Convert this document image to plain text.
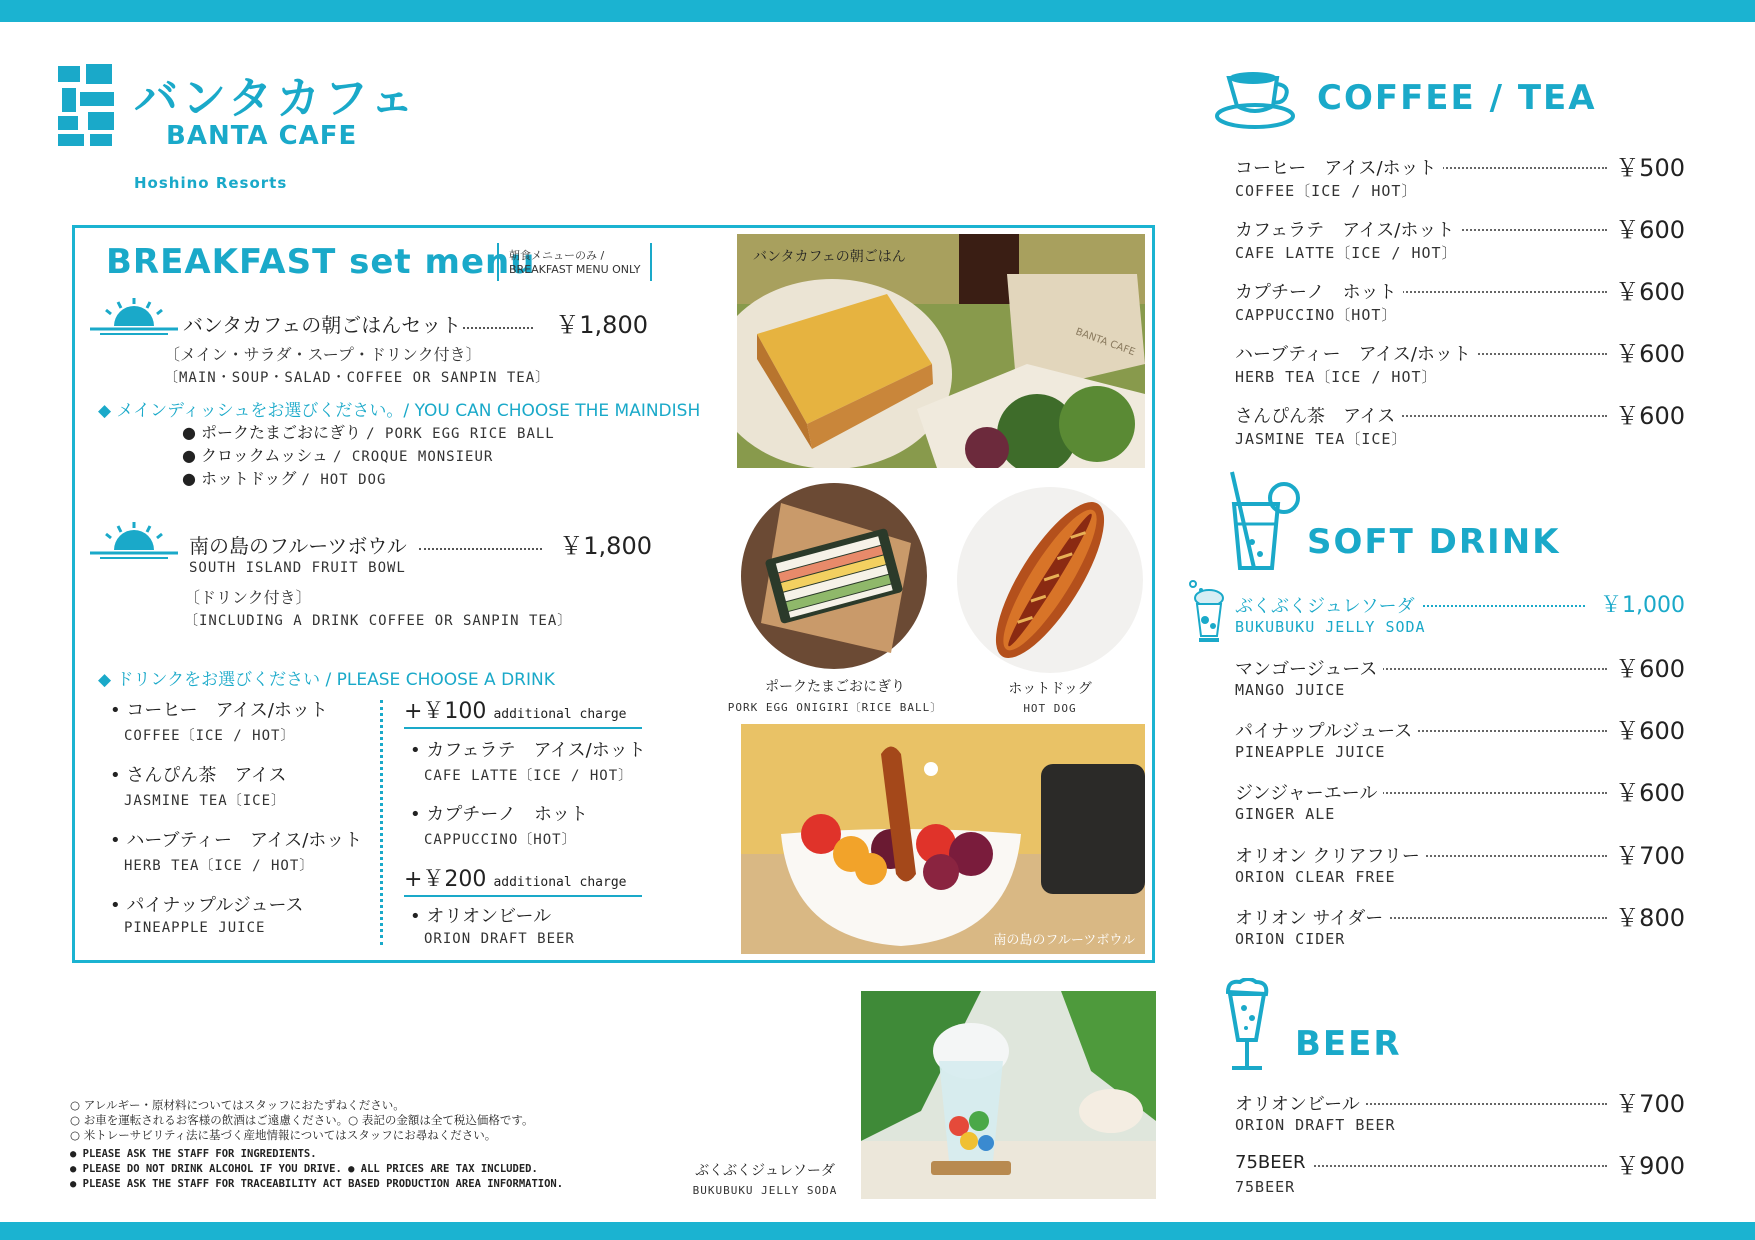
バンタカフェ
BANTA CAFE
Hoshino Resorts
BREAKFAST set menu
朝食メニューのみ /
BREAKFAST MENU ONLY
バンタカフェの朝ごはんセット	￥1,800
〔メイン・サラダ・スープ・ドリンク付き〕
〔MAIN・SOUP・SALAD・COFFEE OR SANPIN TEA〕
◆ メインディッシュをお選びください。/ YOU CAN CHOOSE THE MAINDISH
● ポークたまごおにぎり / PORK EGG RICE BALL
● クロックムッシュ / CROQUE MONSIEUR
● ホットドッグ / HOT DOG
南の島のフルーツボウル	￥1,800
SOUTH ISLAND FRUIT BOWL
〔ドリンク付き〕
〔INCLUDING A DRINK COFFEE OR SANPIN TEA〕
◆ ドリンクをお選びください / PLEASE CHOOSE A DRINK
• コーヒー　アイス/ホット
COFFEE〔ICE / HOT〕
• さんぴん茶　アイス
JASMINE TEA〔ICE〕
• ハーブティー　アイス/ホット
HERB TEA〔ICE / HOT〕
• パイナップルジュース
PINEAPPLE JUICE
+￥100 additional charge
• カフェラテ　アイス/ホット
CAFE LATTE〔ICE / HOT〕
• カプチーノ　ホット
CAPPUCCINO〔HOT〕
+￥200 additional charge
• オリオンビール
ORION DRAFT BEER
BANTA CAFE
バンタカフェの朝ごはん
ポークたまごおにぎり
PORK EGG ONIGIRI〔RICE BALL〕
ホットドッグ
HOT DOG
南の島のフルーツボウル
ぶくぶくジュレソーダ
BUKUBUKU JELLY SODA
○ アレルギー・原材料についてはスタッフにおたずねください。
○ お車を運転されるお客様の飲酒はご遠慮ください。○ 表記の金額は全て税込価格です。
○ 米トレーサビリティ法に基づく産地情報についてはスタッフにお尋ねください。
● PLEASE ASK THE STAFF FOR INGREDIENTS.
● PLEASE DO NOT DRINK ALCOHOL IF YOU DRIVE. ● ALL PRICES ARE TAX INCLUDED.
● PLEASE ASK THE STAFF FOR TRACEABILITY ACT BASED PRODUCTION AREA INFORMATION.
COFFEE / TEA
コーヒー　アイス/ホット
COFFEE〔ICE / HOT〕
￥500
カフェラテ　アイス/ホット
CAFE LATTE〔ICE / HOT〕
￥600
カプチーノ　ホット
CAPPUCCINO〔HOT〕
￥600
ハーブティー　アイス/ホット
HERB TEA〔ICE / HOT〕
￥600
さんぴん茶　アイス
JASMINE TEA〔ICE〕
￥600
SOFT DRINK
ぶくぶくジュレソーダ
BUKUBUKU JELLY SODA
￥1,000
マンゴージュース
MANGO JUICE
￥600
パイナップルジュース
PINEAPPLE JUICE
￥600
ジンジャーエール
GINGER ALE
￥600
オリオン クリアフリー
ORION CLEAR FREE
￥700
オリオン サイダー
ORION CIDER
￥800
BEER
オリオンビール
ORION DRAFT BEER
￥700
75BEER
75BEER
￥900
